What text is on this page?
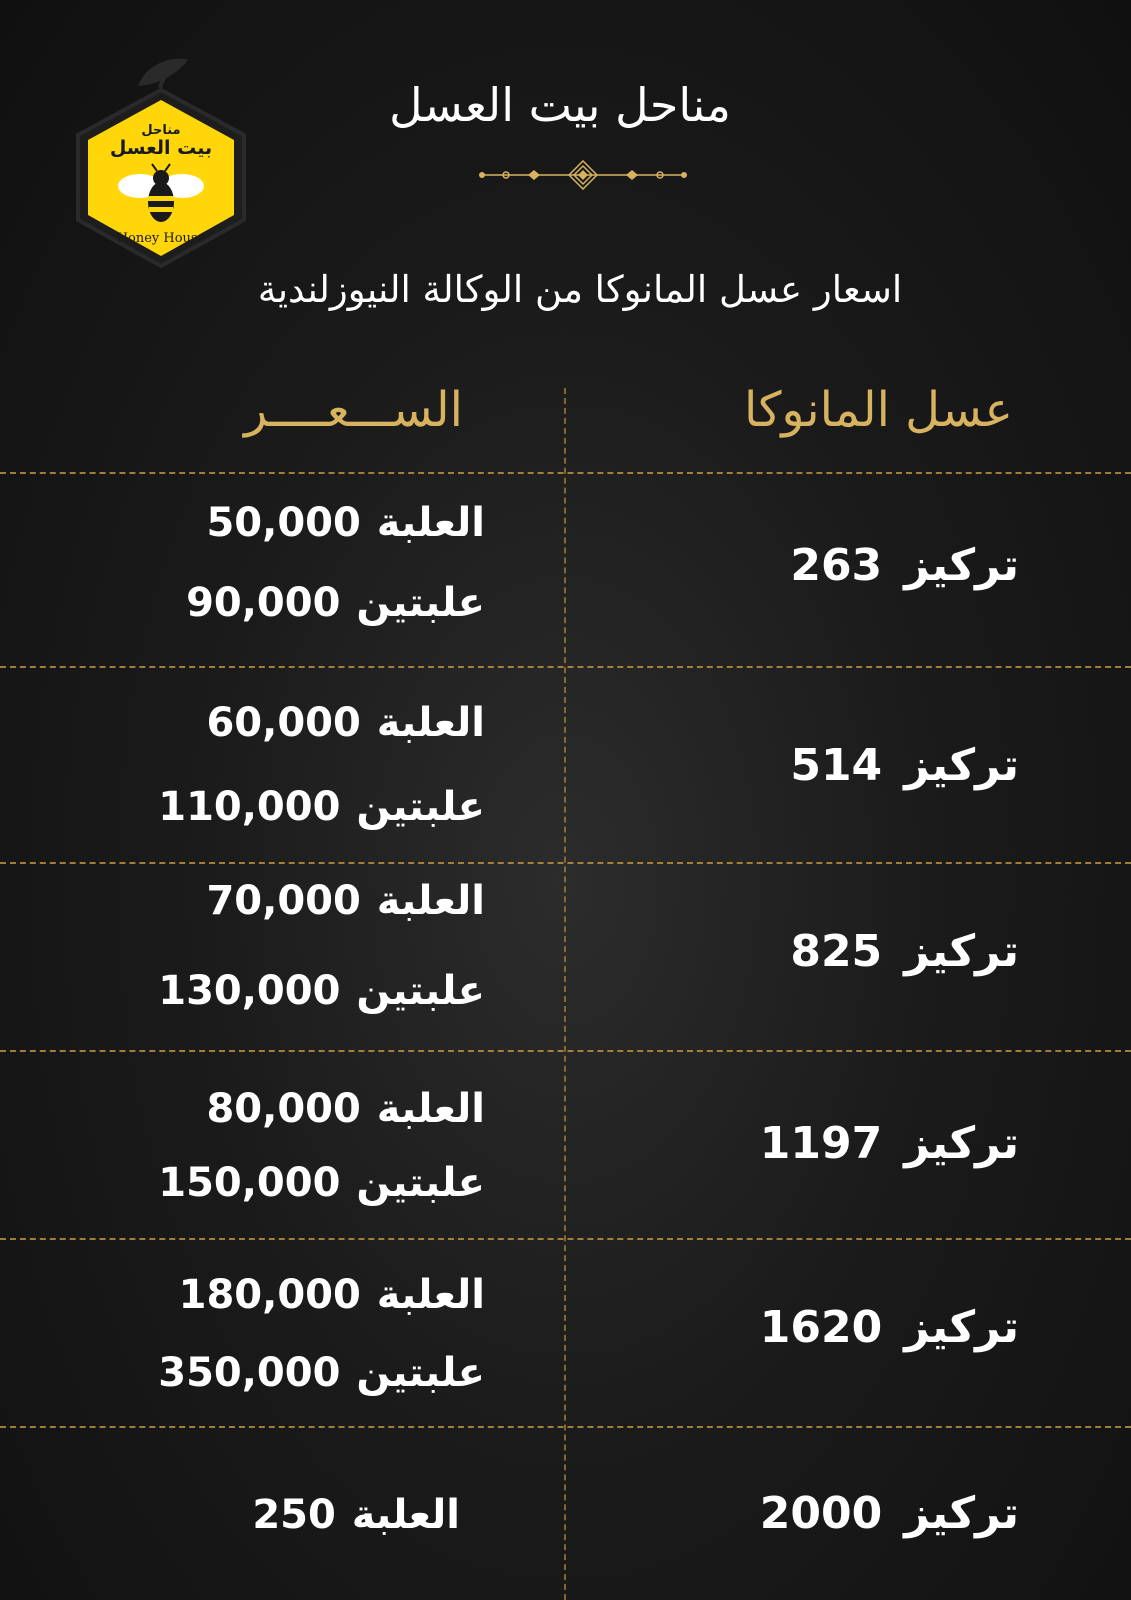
مناحل
بيت العسل
Honey House
مناحل بيت العسل
اسعار عسل المانوكا من الوكالة النيوزلندية
عسل المانوكا
الســـعــــر
تركيز263
العلبة 50,000
علبتين 90,000
تركيز514
العلبة 60,000
علبتين 110,000
تركيز825
العلبة 70,000
علبتين 130,000
تركيز1197
العلبة 80,000
علبتين 150,000
تركيز1620
العلبة 180,000
علبتين 350,000
تركيز2000
العلبة 250
